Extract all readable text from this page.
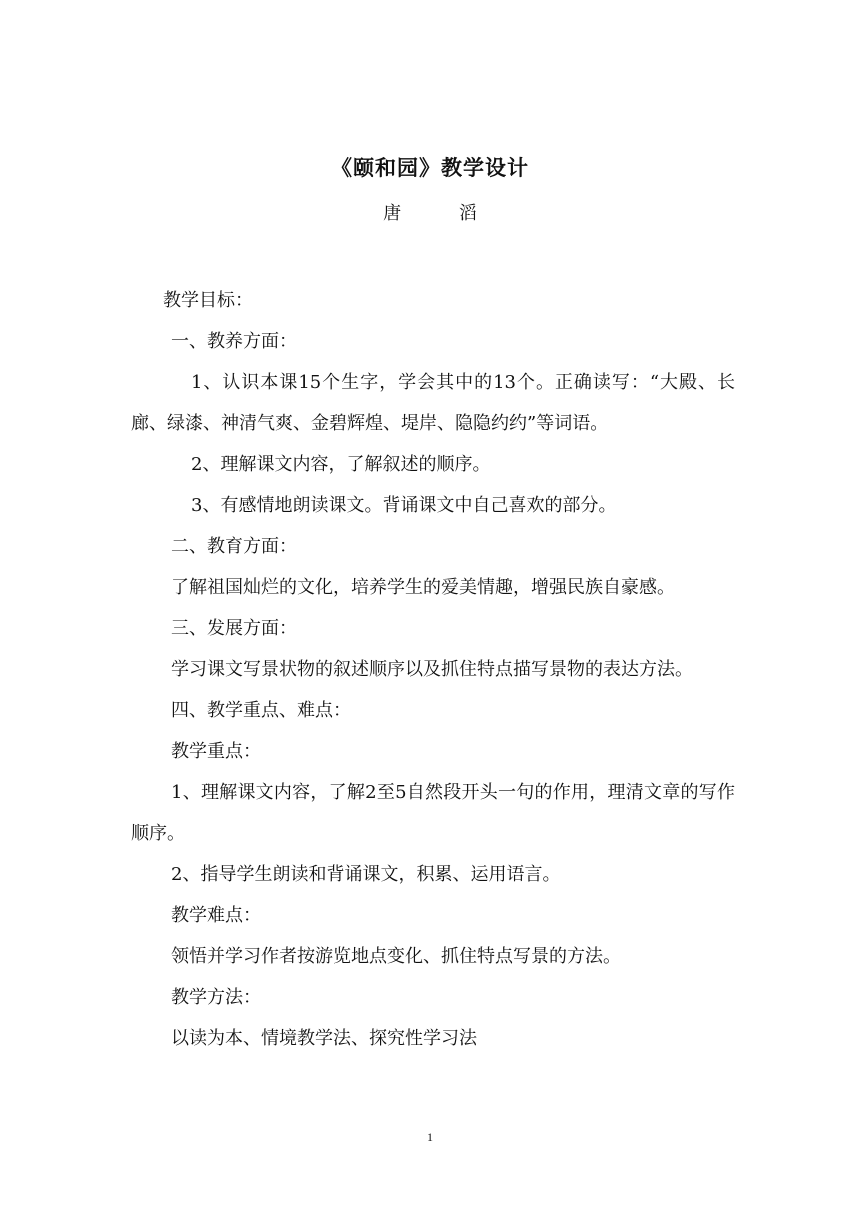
《颐和园》教学设计
唐 滔

教学目标：

一、教养方面：

1、认识本课15个生字，学会其中的13个。正确读写：“大殿、长廊、绿漆、神清气爽、金碧辉煌、堤岸、隐隐约约”等词语。

2、理解课文内容，了解叙述的顺序。

3、有感情地朗读课文。背诵课文中自己喜欢的部分。

二、教育方面：

了解祖国灿烂的文化，培养学生的爱美情趣，增强民族自豪感。

三、发展方面：

学习课文写景状物的叙述顺序以及抓住特点描写景物的表达方法。

四、教学重点、难点：

教学重点：

1、理解课文内容，了解2至5自然段开头一句的作用，理清文章的写作顺序。

2、指导学生朗读和背诵课文，积累、运用语言。

教学难点：

领悟并学习作者按游览地点变化、抓住特点写景的方法。

教学方法：

以读为本、情境教学法、探究性学习法

1
